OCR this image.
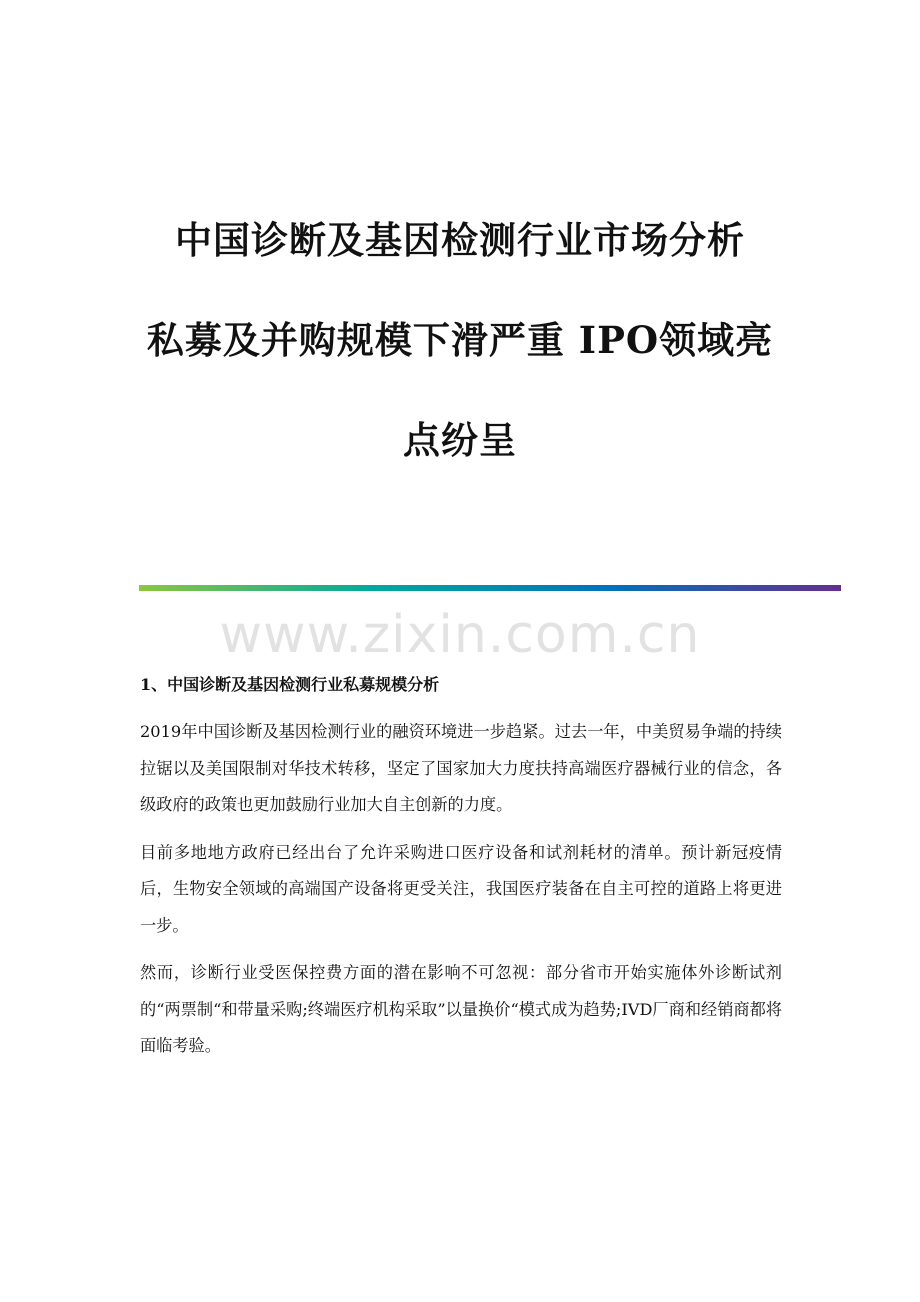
中国诊断及基因检测行业市场分析
私募及并购规模下滑严重 IPO领域亮
点纷呈
www.zixin.com.cn
1、中国诊断及基因检测行业私募规模分析

2019年中国诊断及基因检测行业的融资环境进一步趋紧。过去一年，中美贸易争端的持续拉锯以及美国限制对华技术转移，坚定了国家加大力度扶持高端医疗器械行业的信念，各级政府的政策也更加鼓励行业加大自主创新的力度。

目前多地地方政府已经出台了允许采购进口医疗设备和试剂耗材的清单。预计新冠疫情后，生物安全领域的高端国产设备将更受关注，我国医疗装备在自主可控的道路上将更进一步。

然而，诊断行业受医保控费方面的潜在影响不可忽视：部分省市开始实施体外诊断试剂的“两票制“和带量采购;终端医疗机构采取”以量换价“模式成为趋势;IVD厂商和经销商都将面临考验。
